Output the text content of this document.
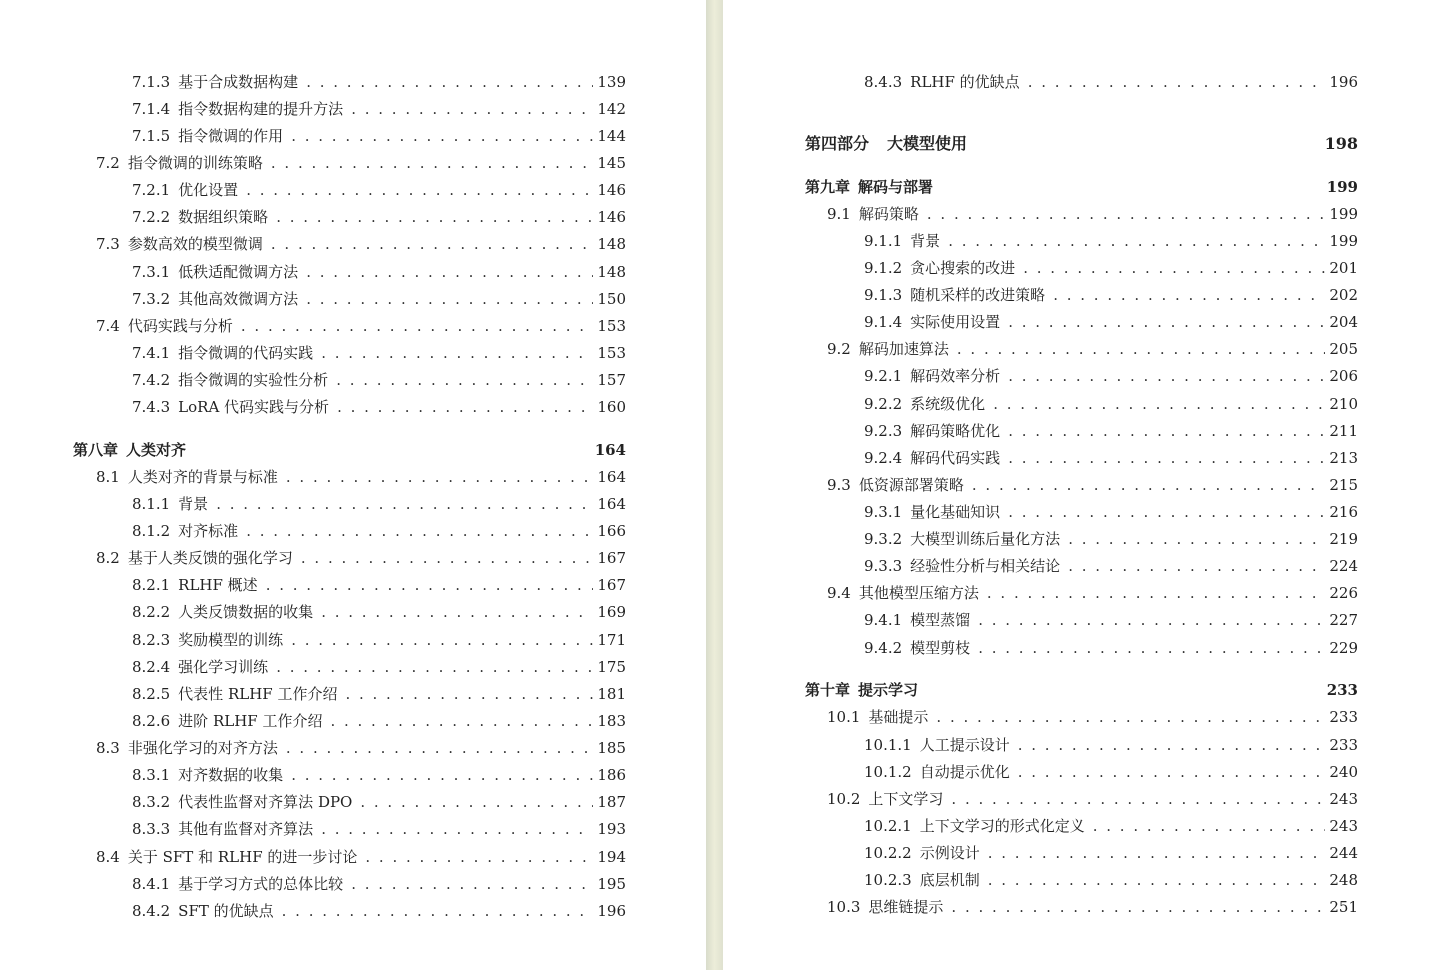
7.1.3 基于合成数据构建 . . .	139
7.1.4 指令数据构建的提升方法 . . .	142
7.1.5 指令微调的作用 . . .	144
7.2 指令微调的训练策略 . . .	145
7.2.1 优化设置 . . .	146
7.2.2 数据组织策略 . . .	146
7.3 参数高效的模型微调 . . .	148
7.3.1 低秩适配微调方法 . . .	148
7.3.2 其他高效微调方法 . . .	150
7.4 代码实践与分析 . . .	153
7.4.1 指令微调的代码实践 . . .	153
7.4.2 指令微调的实验性分析 . . .	157
7.4.3 LoRA 代码实践与分析 . . .	160
第八章 人类对齐	164
8.1 人类对齐的背景与标准 . . .	164
8.1.1 背景 . . .	164
8.1.2 对齐标准 . . .	166
8.2 基于人类反馈的强化学习 . . .	167
8.2.1 RLHF 概述 . . .	167
8.2.2 人类反馈数据的收集 . . .	169
8.2.3 奖励模型的训练 . . .	171
8.2.4 强化学习训练 . . .	175
8.2.5 代表性 RLHF 工作介绍 . . .	181
8.2.6 进阶 RLHF 工作介绍 . . .	183
8.3 非强化学习的对齐方法 . . .	185
8.3.1 对齐数据的收集 . . .	186
8.3.2 代表性监督对齐算法 DPO . . .	187
8.3.3 其他有监督对齐算法 . . .	193
8.4 关于 SFT 和 RLHF 的进一步讨论 . . .	194
8.4.1 基于学习方式的总体比较 . . .	195
8.4.2 SFT 的优缺点 . . .	196
8.4.3 RLHF 的优缺点 . . .	196
第四部分 大模型使用	198
第九章 解码与部署	199
9.1 解码策略 . . .	199
9.1.1 背景 . . .	199
9.1.2 贪心搜索的改进 . . .	201
9.1.3 随机采样的改进策略 . . .	202
9.1.4 实际使用设置 . . .	204
9.2 解码加速算法 . . .	205
9.2.1 解码效率分析 . . .	206
9.2.2 系统级优化 . . .	210
9.2.3 解码策略优化 . . .	211
9.2.4 解码代码实践 . . .	213
9.3 低资源部署策略 . . .	215
9.3.1 量化基础知识 . . .	216
9.3.2 大模型训练后量化方法 . . .	219
9.3.3 经验性分析与相关结论 . . .	224
9.4 其他模型压缩方法 . . .	226
9.4.1 模型蒸馏 . . .	227
9.4.2 模型剪枝 . . .	229
第十章 提示学习	233
10.1 基础提示 . . .	233
10.1.1 人工提示设计 . . .	233
10.1.2 自动提示优化 . . .	240
10.2 上下文学习 . . .	243
10.2.1 上下文学习的形式化定义 . . .	243
10.2.2 示例设计 . . .	244
10.2.3 底层机制 . . .	248
10.3 思维链提示 . . .	251
